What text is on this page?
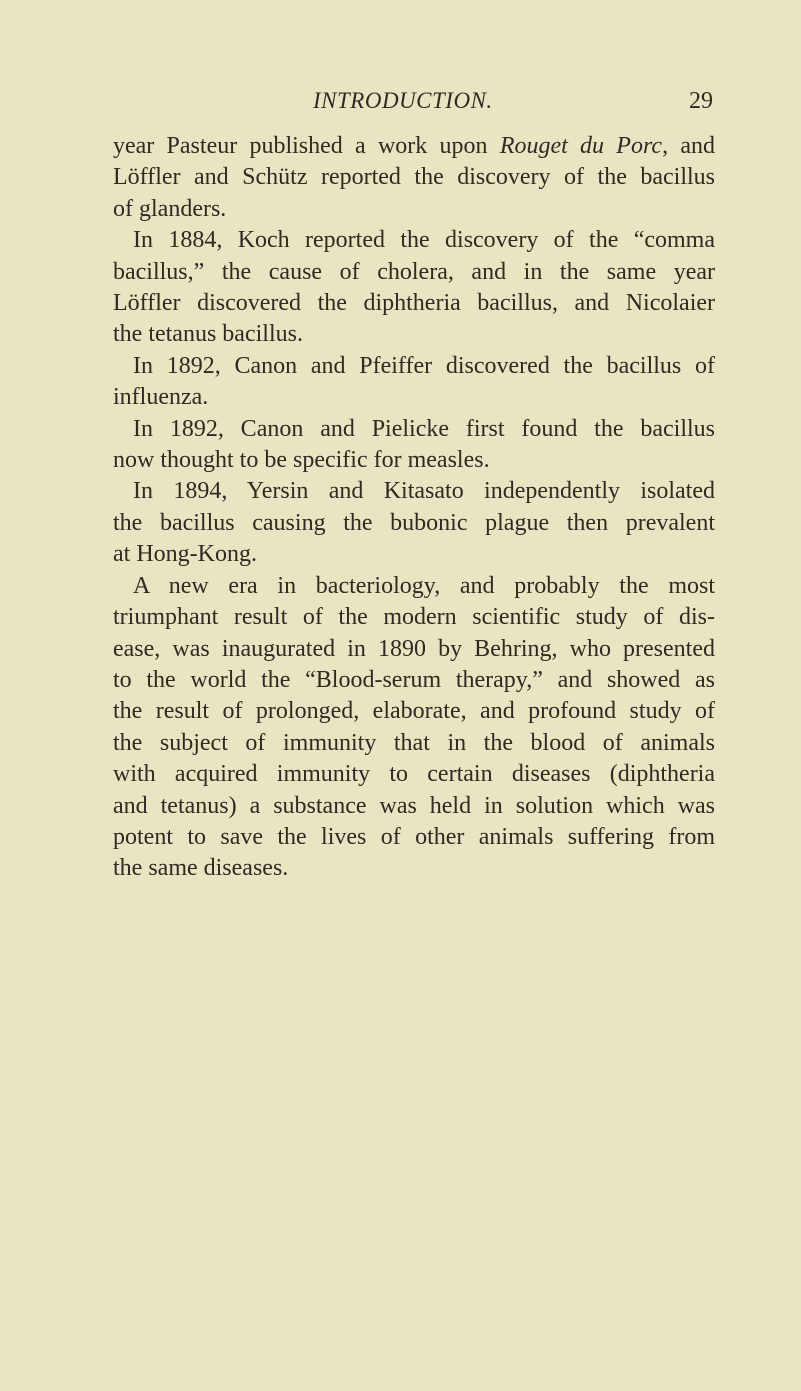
INTRODUCTION.	29
year Pasteur published a work upon Rouget du Porc, and
Löffler and Schütz reported the discovery of the bacillus
of glanders.
In 1884, Koch reported the discovery of the “comma
bacillus,” the cause of cholera, and in the same year
Löffler discovered the diphtheria bacillus, and Nicolaier
the tetanus bacillus.
In 1892, Canon and Pfeiffer discovered the bacillus of
influenza.
In 1892, Canon and Pielicke first found the bacillus
now thought to be specific for measles.
In 1894, Yersin and Kitasato independently isolated
the bacillus causing the bubonic plague then prevalent
at Hong-Kong.
A new era in bacteriology, and probably the most
triumphant result of the modern scientific study of dis-
ease, was inaugurated in 1890 by Behring, who presented
to the world the “Blood-serum therapy,” and showed as
the result of prolonged, elaborate, and profound study of
the subject of immunity that in the blood of animals
with acquired immunity to certain diseases (diphtheria
and tetanus) a substance was held in solution which was
potent to save the lives of other animals suffering from
the same diseases.
